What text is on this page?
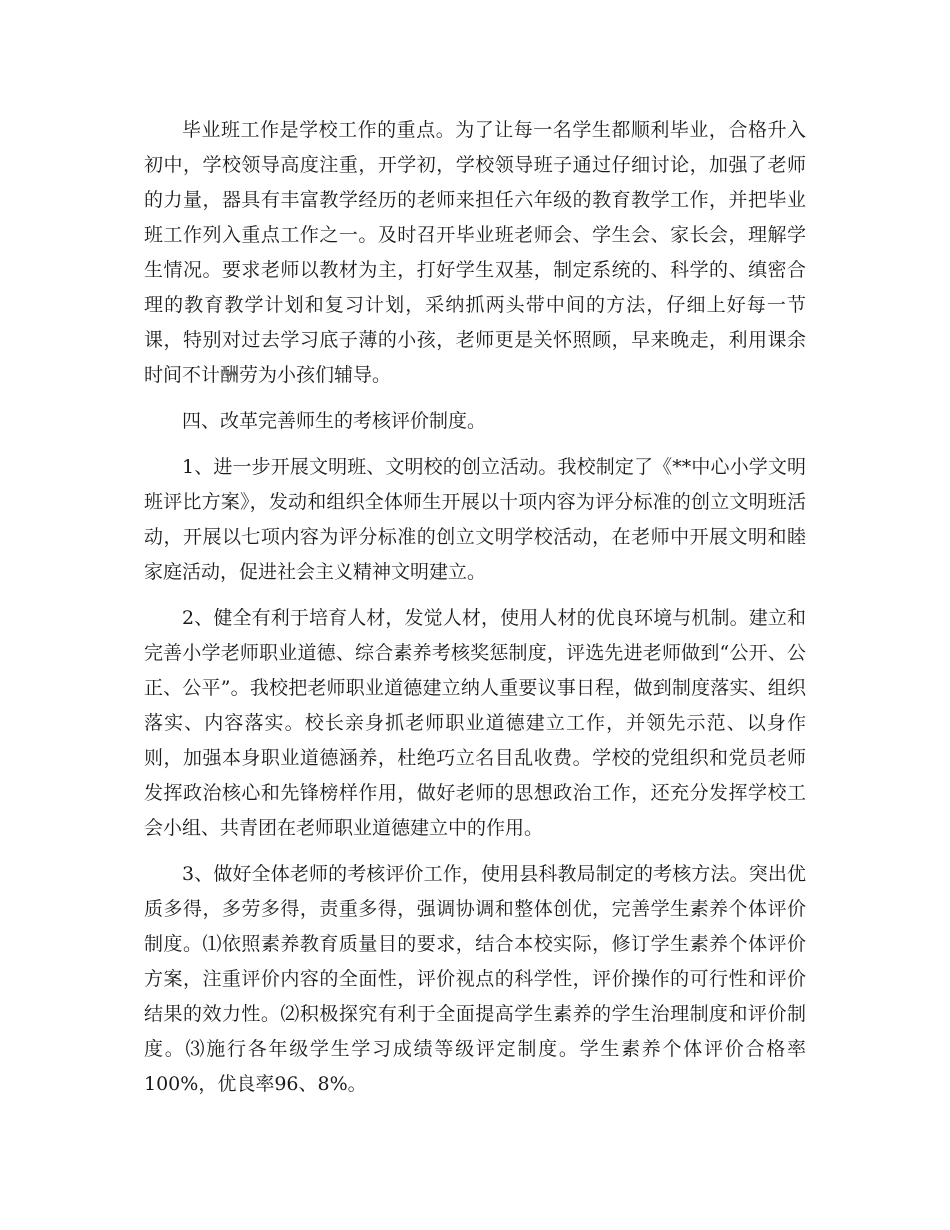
毕业班工作是学校工作的重点。为了让每一名学生都顺利毕业，合格升入初中，学校领导高度注重，开学初，学校领导班子通过仔细讨论，加强了老师的力量，器具有丰富教学经历的老师来担任六年级的教育教学工作，并把毕业班工作列入重点工作之一。及时召开毕业班老师会、学生会、家长会，理解学生情况。要求老师以教材为主，打好学生双基，制定系统的、科学的、缜密合理的教育教学计划和复习计划，采纳抓两头带中间的方法，仔细上好每一节课，特别对过去学习底子薄的小孩，老师更是关怀照顾，早来晚走，利用课余时间不计酬劳为小孩们辅导。

四、改革完善师生的考核评价制度。

1、进一步开展文明班、文明校的创立活动。我校制定了《**中心小学文明班评比方案》，发动和组织全体师生开展以十项内容为评分标准的创立文明班活动，开展以七项内容为评分标准的创立文明学校活动，在老师中开展文明和睦家庭活动，促进社会主义精神文明建立。

2、健全有利于培育人材，发觉人材，使用人材的优良环境与机制。建立和完善小学老师职业道德、综合素养考核奖惩制度，评选先进老师做到“公开、公正、公平”。我校把老师职业道德建立纳人重要议事日程，做到制度落实、组织落实、内容落实。校长亲身抓老师职业道德建立工作，并领先示范、以身作则，加强本身职业道德涵养，杜绝巧立名目乱收费。学校的党组织和党员老师发挥政治核心和先锋榜样作用，做好老师的思想政治工作，还充分发挥学校工会小组、共青团在老师职业道德建立中的作用。

3、做好全体老师的考核评价工作，使用县科教局制定的考核方法。突出优质多得，多劳多得，责重多得，强调协调和整体创优，完善学生素养个体评价制度。⑴依照素养教育质量目的要求，结合本校实际，修订学生素养个体评价方案，注重评价内容的全面性，评价视点的科学性，评价操作的可行性和评价结果的效力性。⑵积极探究有利于全面提高学生素养的学生治理制度和评价制度。⑶施行各年级学生学习成绩等级评定制度。学生素养个体评价合格率100%，优良率96、8%。
